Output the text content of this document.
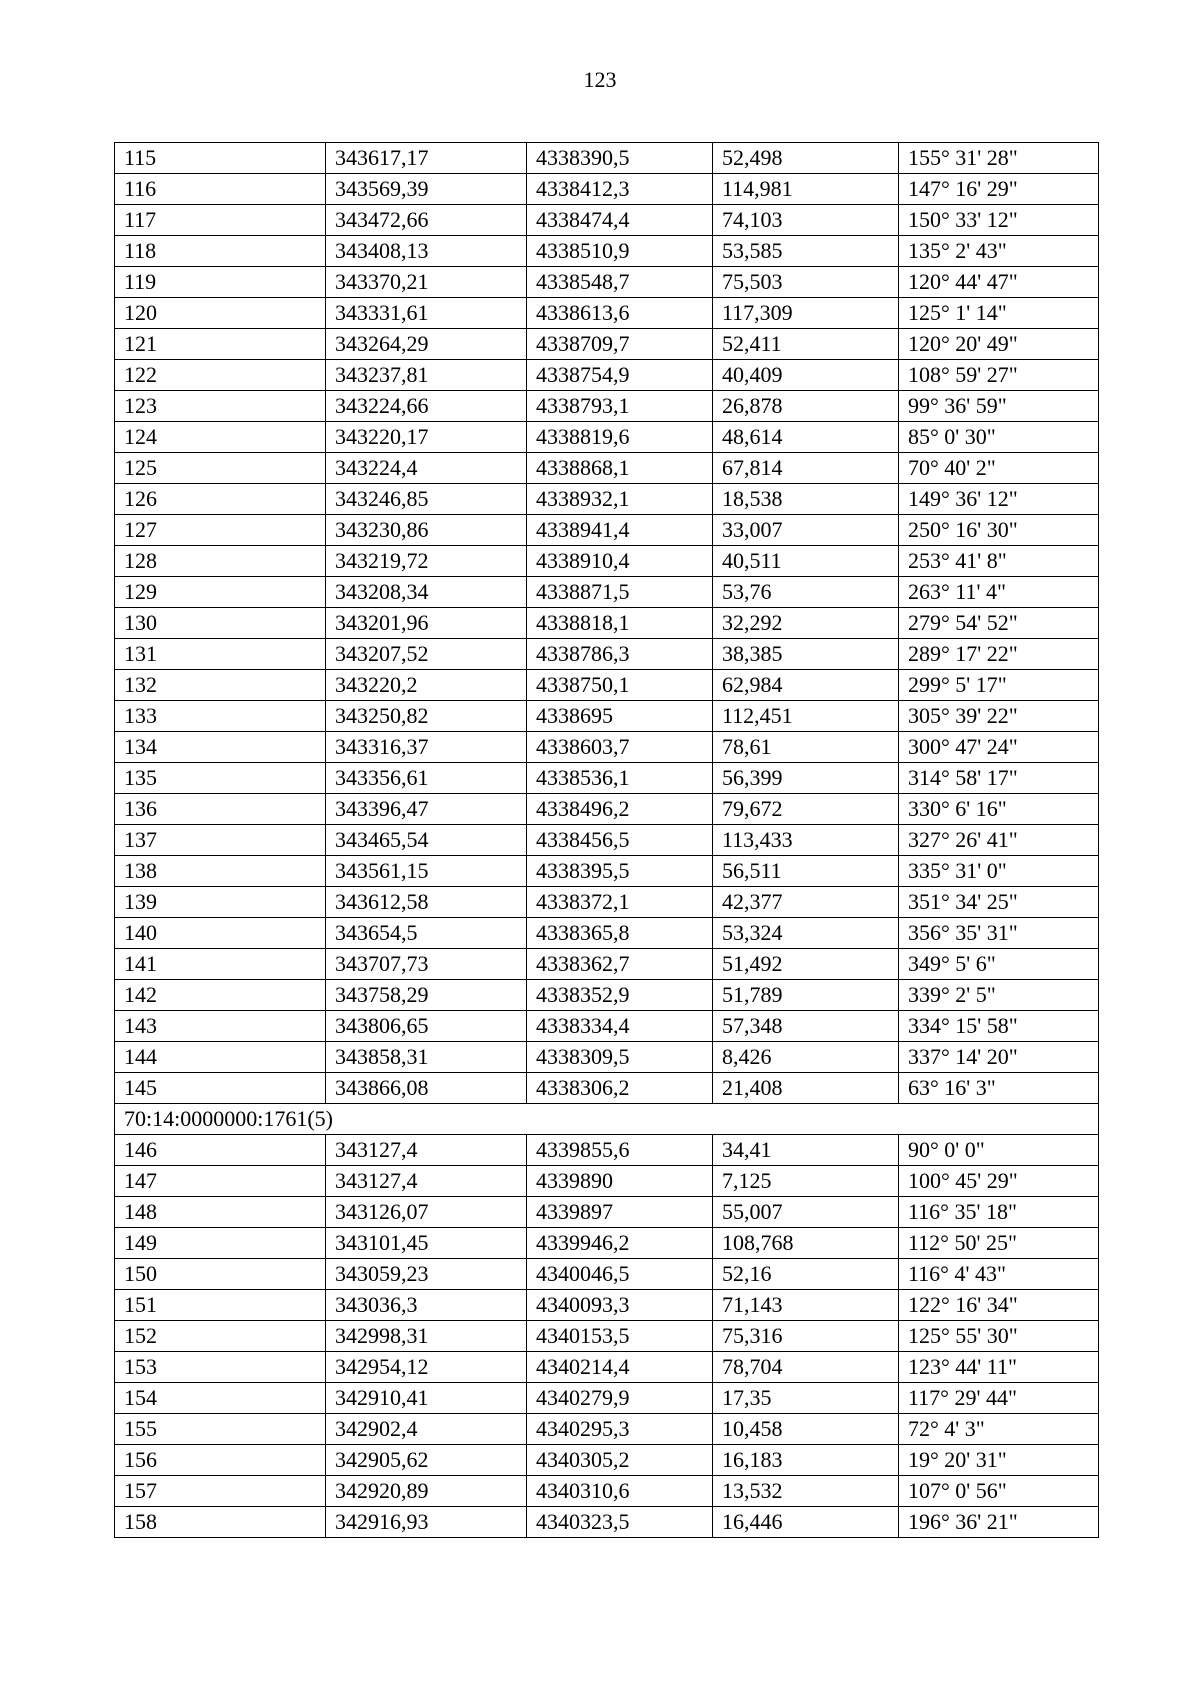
123
115	343617,17	4338390,5	52,498	155° 31' 28"
116	343569,39	4338412,3	114,981	147° 16' 29"
117	343472,66	4338474,4	74,103	150° 33' 12"
118	343408,13	4338510,9	53,585	135° 2' 43"
119	343370,21	4338548,7	75,503	120° 44' 47"
120	343331,61	4338613,6	117,309	125° 1' 14"
121	343264,29	4338709,7	52,411	120° 20' 49"
122	343237,81	4338754,9	40,409	108° 59' 27"
123	343224,66	4338793,1	26,878	99° 36' 59"
124	343220,17	4338819,6	48,614	85° 0' 30"
125	343224,4	4338868,1	67,814	70° 40' 2"
126	343246,85	4338932,1	18,538	149° 36' 12"
127	343230,86	4338941,4	33,007	250° 16' 30"
128	343219,72	4338910,4	40,511	253° 41' 8"
129	343208,34	4338871,5	53,76	263° 11' 4"
130	343201,96	4338818,1	32,292	279° 54' 52"
131	343207,52	4338786,3	38,385	289° 17' 22"
132	343220,2	4338750,1	62,984	299° 5' 17"
133	343250,82	4338695	112,451	305° 39' 22"
134	343316,37	4338603,7	78,61	300° 47' 24"
135	343356,61	4338536,1	56,399	314° 58' 17"
136	343396,47	4338496,2	79,672	330° 6' 16"
137	343465,54	4338456,5	113,433	327° 26' 41"
138	343561,15	4338395,5	56,511	335° 31' 0"
139	343612,58	4338372,1	42,377	351° 34' 25"
140	343654,5	4338365,8	53,324	356° 35' 31"
141	343707,73	4338362,7	51,492	349° 5' 6"
142	343758,29	4338352,9	51,789	339° 2' 5"
143	343806,65	4338334,4	57,348	334° 15' 58"
144	343858,31	4338309,5	8,426	337° 14' 20"
145	343866,08	4338306,2	21,408	63° 16' 3"
70:14:0000000:1761(5)				
146	343127,4	4339855,6	34,41	90° 0' 0"
147	343127,4	4339890	7,125	100° 45' 29"
148	343126,07	4339897	55,007	116° 35' 18"
149	343101,45	4339946,2	108,768	112° 50' 25"
150	343059,23	4340046,5	52,16	116° 4' 43"
151	343036,3	4340093,3	71,143	122° 16' 34"
152	342998,31	4340153,5	75,316	125° 55' 30"
153	342954,12	4340214,4	78,704	123° 44' 11"
154	342910,41	4340279,9	17,35	117° 29' 44"
155	342902,4	4340295,3	10,458	72° 4' 3"
156	342905,62	4340305,2	16,183	19° 20' 31"
157	342920,89	4340310,6	13,532	107° 0' 56"
158	342916,93	4340323,5	16,446	196° 36' 21"
